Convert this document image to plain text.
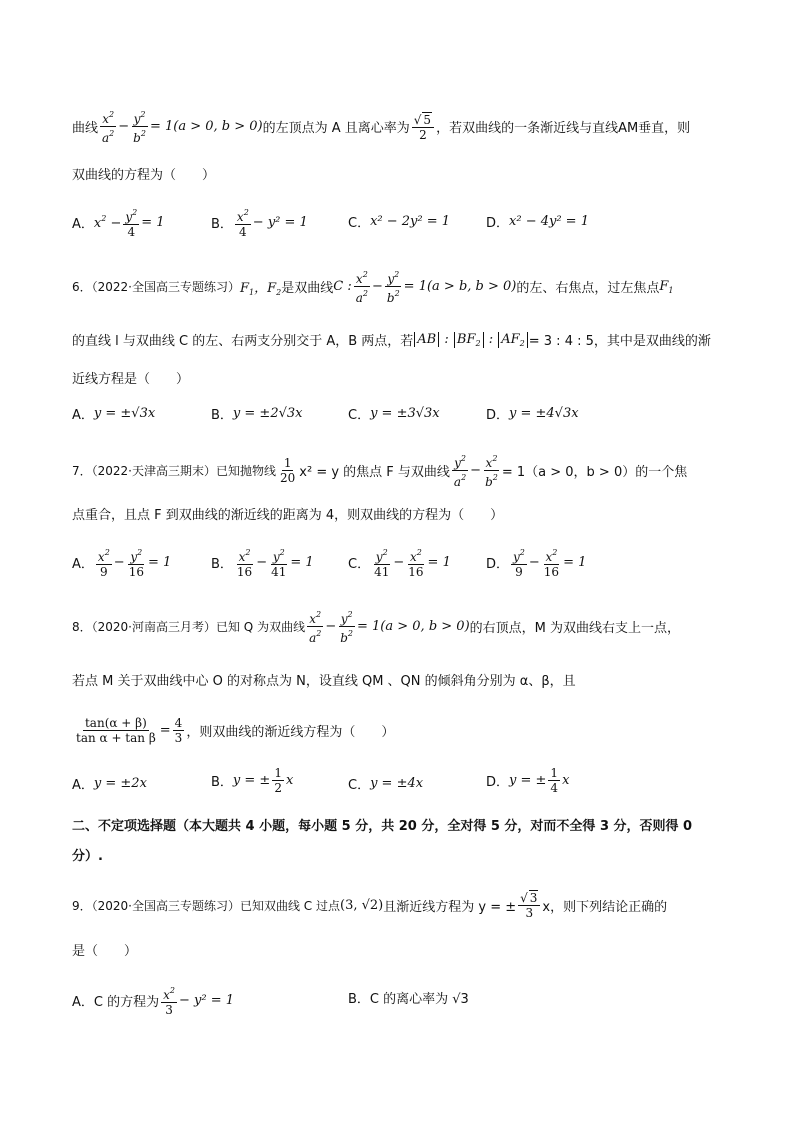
曲线 $\frac{x^2}{a^2} - \frac{y^2}{b^2} = 1$ (a > 0, b > 0) 的左顶点为 A 且离心率为 $\frac{√ 5}{2}$ ，若双曲线的一条渐近线与直线AM垂直，则
双曲线的方程为（　　）
A． $x^2 - \frac{y^2}{4} = 1$	B． $\frac{x^2}{4} - y^2 = 1$	C． x² − 2y² = 1	D． x² − 4y² = 1
6．（2022·全国高三专题练习） $F_1$，$F_2$ 是双曲线 C : $\frac{x^2}{a^2} - \frac{y^2}{b^2} = 1(a > b$, b > 0) 的左、右焦点，过左焦点 $F_1$
的直线 l 与双曲线 C 的左、右两支分别交于 A，B 两点，若 AB : $BF_2$ : $AF_2 = 3$ : 4 : 5，其中是双曲线的渐
近线方程是（　　）
A． y = ±√3x	B． y = ±2√3x	C． y = ±3√3x	D． y = ±4√3x
7．（2022·天津高三期末）已知抛物线 $\frac{1}{20} x^2 = y$ 的焦点 F 与双曲线 $\frac{y^2}{a^2} - \frac{x^2}{b^2} = 1(a > 0$，b > 0）的一个焦
点重合，且点 F 到双曲线的渐近线的距离为 4，则双曲线的方程为（　　）
A． $\frac{x^2}{9} - \frac{y^2}{16} = 1$	B． $\frac{x^2}{16} - \frac{y^2}{41} = 1$	C． $\frac{y^2}{41} - \frac{x^2}{16} = 1$	D． $\frac{y^2}{9} - \frac{x^2}{16} = 1$
8．（2020·河南高三月考）已知 Q 为双曲线 $\frac{x^2}{a^2} - \frac{y^2}{b^2} = 1(a > 0$, b > 0) 的右顶点，M 为双曲线右支上一点，
若点 M 关于双曲线中心 O 的对称点为 N，设直线 QM 、QN 的倾斜角分别为 α、β，且
$\frac{\tan(\alpha + \beta)}{\text{tan α + tan β}} = \frac{4}{3}$ ，则双曲线的渐近线方程为（　　）
A． y = ±2x	B． y = ± $\frac{1}{2}$ x	C． y = ±4x	D． y = ± $\frac{1}{4}$ x
二、不定项选择题（本大题共 4 小题，每小题 5 分，共 20 分，全对得 5 分，对而不全得 3 分，否则得 0
分）.
9．（2020·全国高三专题练习）已知双曲线 C 过点 (3, √2) 且渐近线方程为 y = ± $\frac{√ 3}{3}$ x，则下列结论正确的
是（　　）
A．C 的方程为 $\frac{x^2}{3} - y^2 = 1$	B．C 的离心率为 √3
